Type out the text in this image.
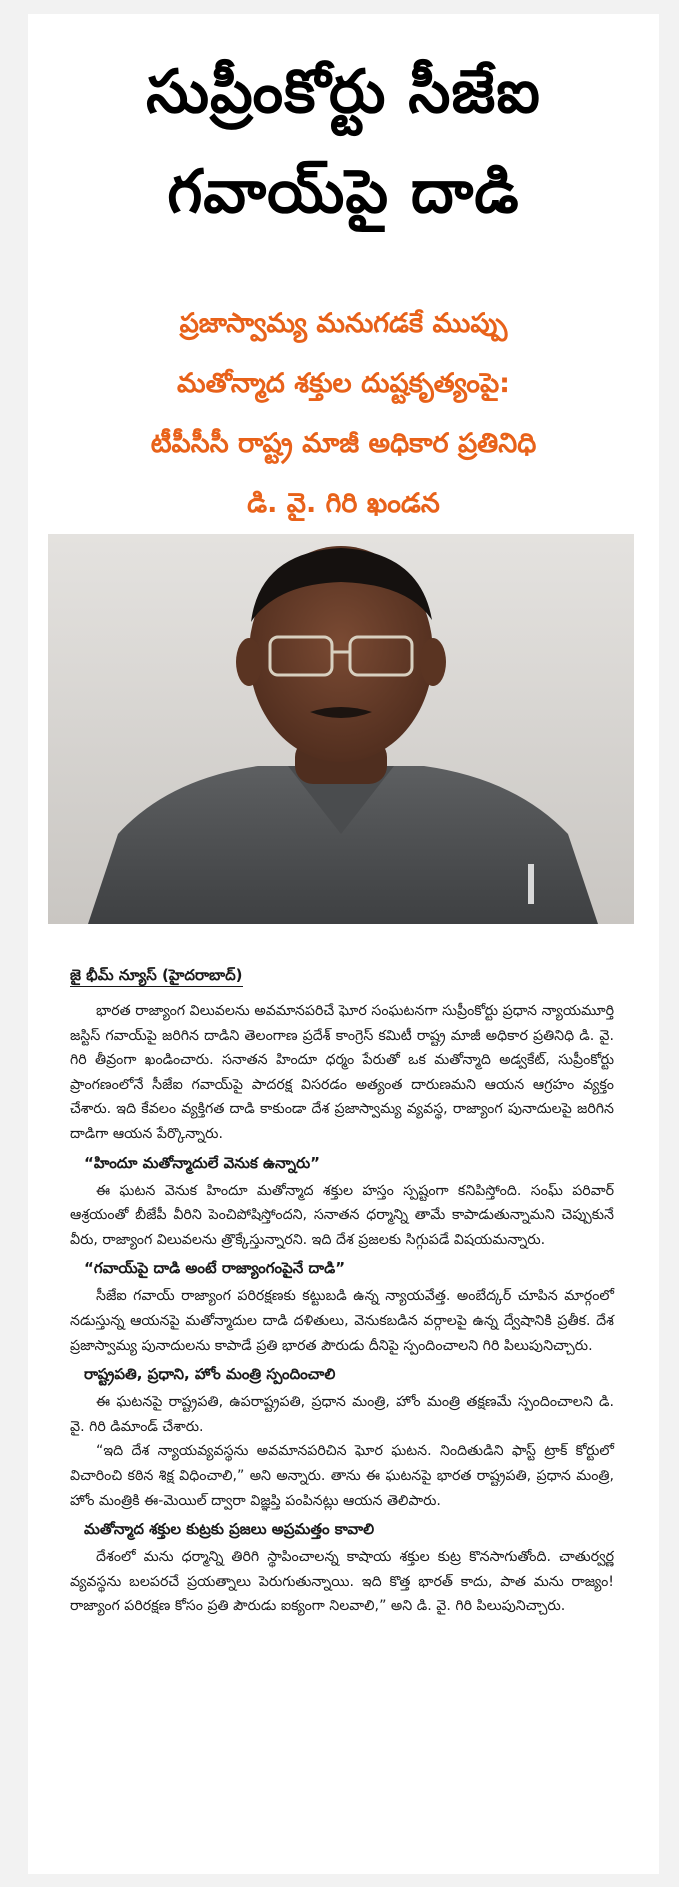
సుప్రీంకోర్టు సీజేఐ
గవాయ్‌పై దాడి
ప్రజాస్వామ్య మనుగడకే ముప్పు
మతోన్మాద శక్తుల దుష్టకృత్యంపై:
టీపీసీసీ రాష్ట్ర మాజీ అధికార ప్రతినిధి
డి. వై. గిరి ఖండన
జై భీమ్ న్యూస్ (హైదరాబాద్)

భారత రాజ్యాంగ విలువలను అవమానపరిచే ఘోర సంఘటనగా సుప్రీంకోర్టు ప్రధాన న్యాయమూర్తి జస్టిస్ గవాయ్‌పై జరిగిన దాడిని తెలంగాణ ప్రదేశ్ కాంగ్రెస్ కమిటీ రాష్ట్ర మాజీ అధికార ప్రతినిధి డి. వై. గిరి తీవ్రంగా ఖండించారు. సనాతన హిందూ ధర్మం పేరుతో ఒక మతోన్మాది అడ్వకేట్, సుప్రీంకోర్టు ప్రాంగణంలోనే సీజేఐ గవాయ్‌పై పాదరక్ష విసరడం అత్యంత దారుణమని ఆయన ఆగ్రహం వ్యక్తం చేశారు. ఇది కేవలం వ్యక్తిగత దాడి కాకుండా దేశ ప్రజాస్వామ్య వ్యవస్థ, రాజ్యాంగ పునాదులపై జరిగిన దాడిగా ఆయన పేర్కొన్నారు.

“హిందూ మతోన్మాదులే వెనుక ఉన్నారు”

ఈ ఘటన వెనుక హిందూ మతోన్మాద శక్తుల హస్తం స్పష్టంగా కనిపిస్తోంది. సంఘ్ పరివార్ ఆశ్రయంతో బీజేపీ వీరిని పెంచిపోషిస్తోందని, సనాతన ధర్మాన్ని తామే కాపాడుతున్నామని చెప్పుకునే వీరు, రాజ్యాంగ విలువలను త్రొక్కేస్తున్నారని. ఇది దేశ ప్రజలకు సిగ్గుపడే విషయమన్నారు.

“గవాయ్‌పై దాడి అంటే రాజ్యాంగంపైనే దాడి”

సీజేఐ గవాయ్ రాజ్యాంగ పరిరక్షణకు కట్టుబడి ఉన్న న్యాయవేత్త. అంబేద్కర్ చూపిన మార్గంలో నడుస్తున్న ఆయనపై మతోన్మాదుల దాడి దళితులు, వెనుకబడిన వర్గాలపై ఉన్న ద్వేషానికి ప్రతీక. దేశ ప్రజాస్వామ్య పునాదులను కాపాడే ప్రతి భారత పౌరుడు దీనిపై స్పందించాలని గిరి పిలుపునిచ్చారు.

రాష్ట్రపతి, ప్రధాని, హోం మంత్రి స్పందించాలి

ఈ ఘటనపై రాష్ట్రపతి, ఉపరాష్ట్రపతి, ప్రధాన మంత్రి, హోం మంత్రి తక్షణమే స్పందించాలని డి. వై. గిరి డిమాండ్ చేశారు.

“ఇది దేశ న్యాయవ్యవస్థను అవమానపరిచిన ఘోర ఘటన. నిందితుడిని ఫాస్ట్ ట్రాక్ కోర్టులో విచారించి కఠిన శిక్ష విధించాలి,” అని అన్నారు. తాను ఈ ఘటనపై భారత రాష్ట్రపతి, ప్రధాన మంత్రి, హోం మంత్రికి ఈ-మెయిల్ ద్వారా విజ్ఞప్తి పంపినట్లు ఆయన తెలిపారు.

మతోన్మాద శక్తుల కుట్రకు ప్రజలు అప్రమత్తం కావాలి

దేశంలో మను ధర్మాన్ని తిరిగి స్థాపించాలన్న కాషాయ శక్తుల కుట్ర కొనసాగుతోంది. చాతుర్వర్ణ వ్యవస్థను బలపరచే ప్రయత్నాలు పెరుగుతున్నాయి. ఇది కొత్త భారత్ కాదు, పాత మను రాజ్యం! రాజ్యాంగ పరిరక్షణ కోసం ప్రతి పౌరుడు ఐక్యంగా నిలవాలి,” అని డి. వై. గిరి పిలుపునిచ్చారు.
